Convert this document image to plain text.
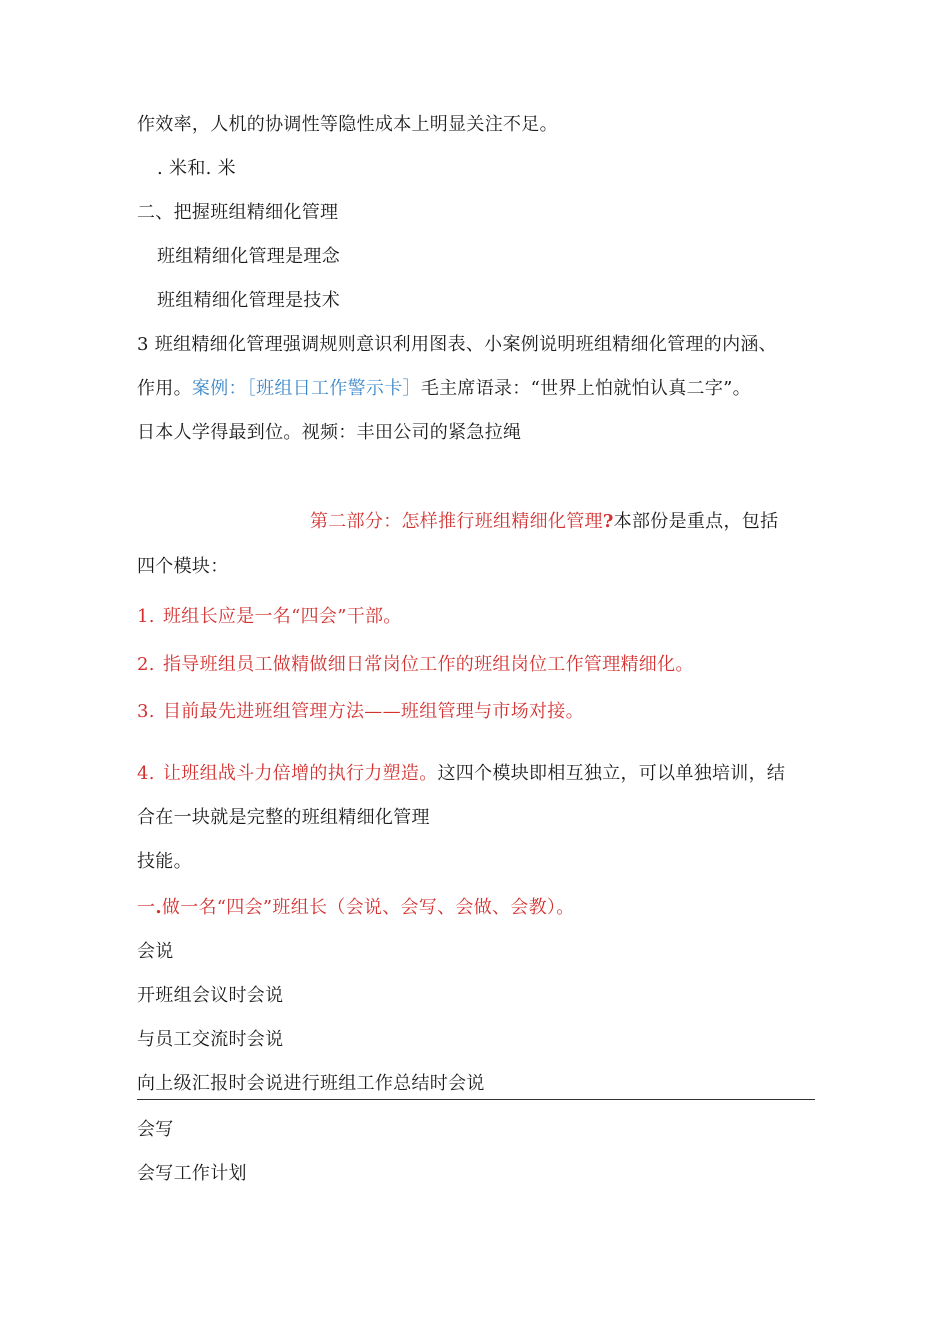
作效率，人机的协调性等隐性成本上明显关注不足。
. 米和. 米
二、把握班组精细化管理
班组精细化管理是理念
班组精细化管理是技术
3 班组精细化管理强调规则意识利用图表、小案例说明班组精细化管理的内涵、
作用。案例：［班组日工作警示卡］毛主席语录：“世界上怕就怕认真二字”。
日本人学得最到位。视频：丰田公司的紧急拉绳
第二部分：怎样推行班组精细化管理?本部份是重点，包括
四个模块：
1. 班组长应是一名“四会”干部。
2. 指导班组员工做精做细日常岗位工作的班组岗位工作管理精细化。
3. 目前最先进班组管理方法——班组管理与市场对接。
4. 让班组战斗力倍增的执行力塑造。这四个模块即相互独立，可以单独培训，结
合在一块就是完整的班组精细化管理
技能。
一.做一名“四会”班组长（会说、会写、会做、会教）。
会说
开班组会议时会说
与员工交流时会说
向上级汇报时会说进行班组工作总结时会说
会写
会写工作计划
